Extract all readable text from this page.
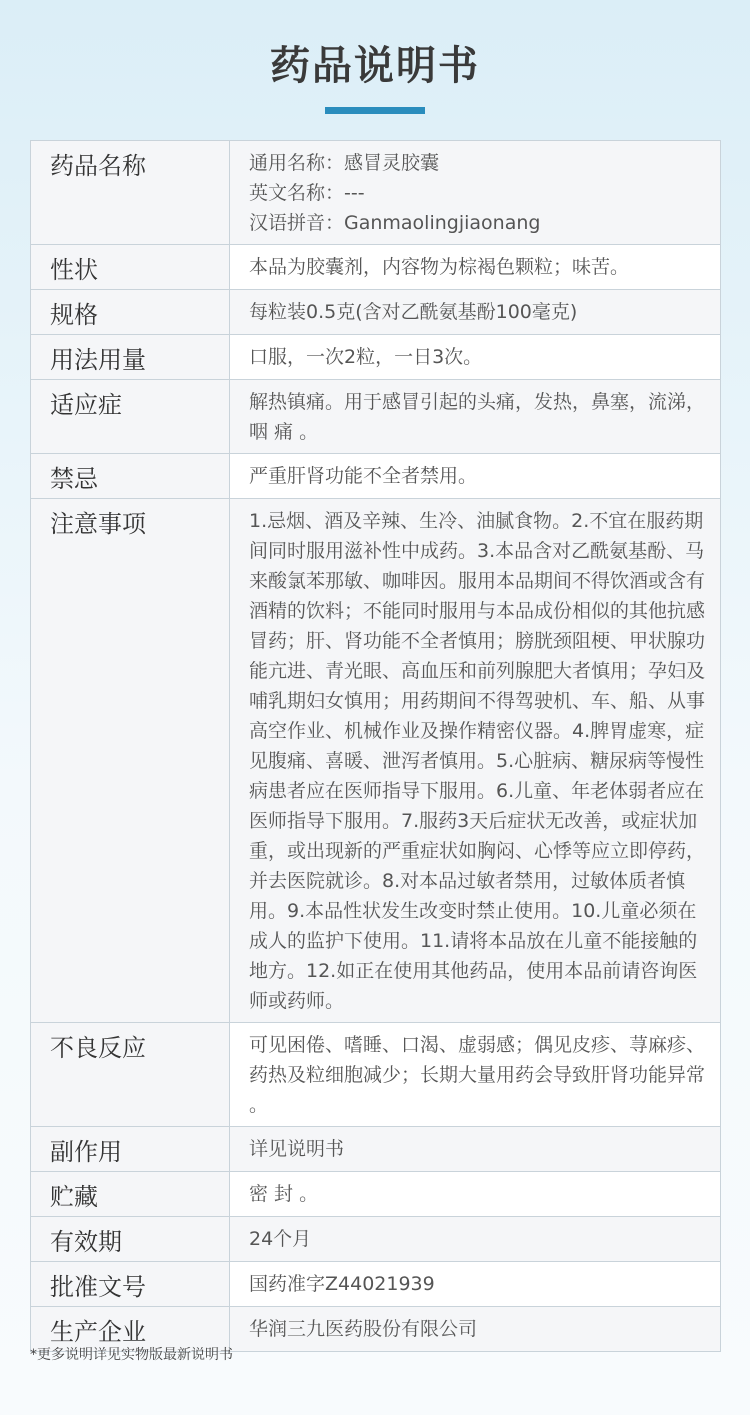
药品说明书
药品名称	通用名称：感冒灵胶囊
英文名称：---
汉语拼音：Ganmaolingjiaonang

性状	本品为胶囊剂，内容物为棕褐色颗粒；味苦。

规格	每粒装0.5克(含对乙酰氨基酚100毫克)

用法用量	口服，一次2粒，一日3次。

适应症	解热镇痛。用于感冒引起的头痛，发热，鼻塞，流涕，咽 痛 。

禁忌	严重肝肾功能不全者禁用。

注意事项	1.忌烟、酒及辛辣、生冷、油腻食物。2.不宜在服药期间同时服用滋补性中成药。3.本品含对乙酰氨基酚、马来酸氯苯那敏、咖啡因。服用本品期间不得饮酒或含有酒精的饮料；不能同时服用与本品成份相似的其他抗感冒药；肝、肾功能不全者慎用；膀胱颈阻梗、甲状腺功能亢进、青光眼、高血压和前列腺肥大者慎用；孕妇及哺乳期妇女慎用；用药期间不得驾驶机、车、船、从事高空作业、机械作业及操作精密仪器。4.脾胃虚寒，症见腹痛、喜暖、泄泻者慎用。5.心脏病、糖尿病等慢性病患者应在医师指导下服用。6.儿童、年老体弱者应在医师指导下服用。7.服药3天后症状无改善，或症状加重，或出现新的严重症状如胸闷、心悸等应立即停药，并去医院就诊。8.对本品过敏者禁用，过敏体质者慎用。9.本品性状发生改变时禁止使用。10.儿童必须在成人的监护下使用。11.请将本品放在儿童不能接触的地方。12.如正在使用其他药品，使用本品前请咨询医师或药师。

不良反应	可见困倦、嗜睡、口渴、虚弱感；偶见皮疹、荨麻疹、药热及粒细胞减少；长期大量用药会导致肝肾功能异常 。

副作用	详见说明书

贮藏	密 封 。

有效期	24个月

批准文号	国药准字Z44021939

生产企业	华润三九医药股份有限公司
*更多说明详见实物版最新说明书
